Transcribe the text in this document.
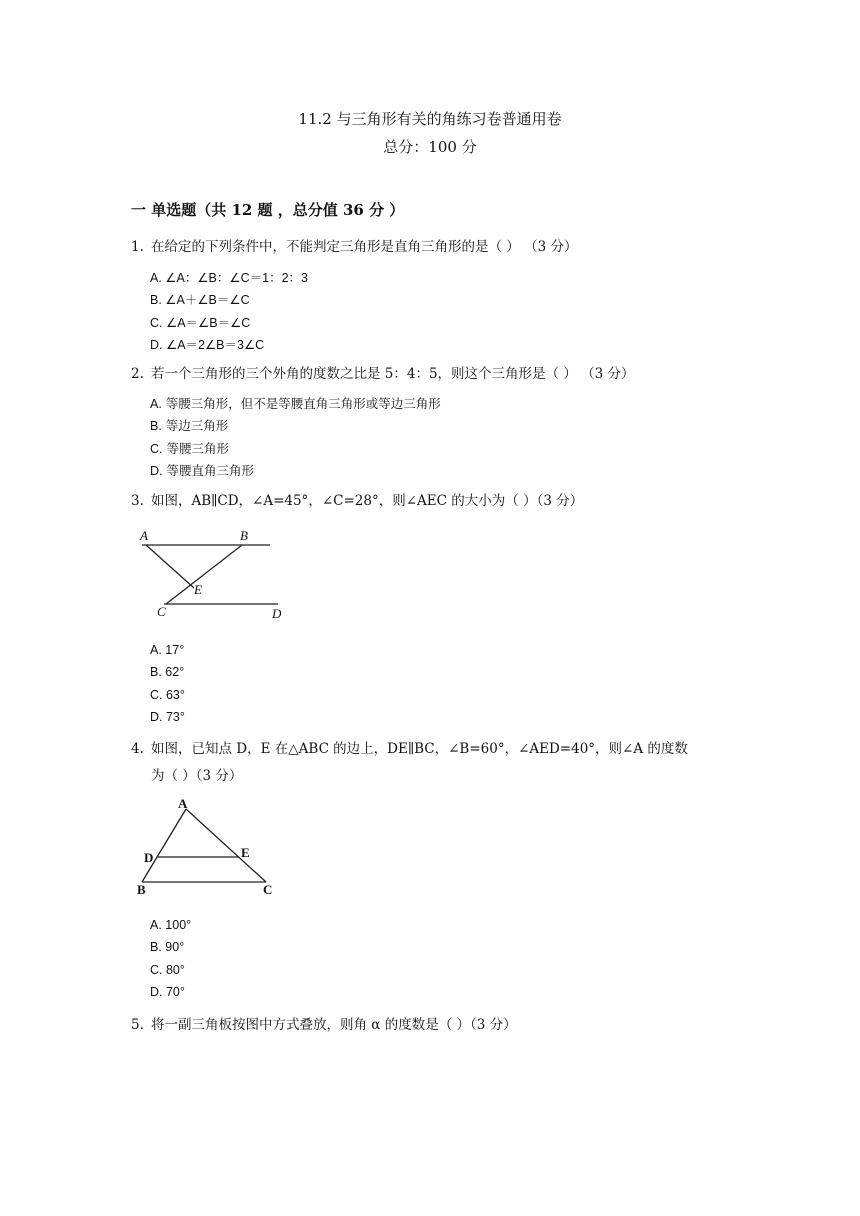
11.2 与三角形有关的角练习卷普通用卷
总分：100 分
一 单选题（共 12 题 ，总分值 36 分 ）
1. 在给定的下列条件中，不能判定三角形是直角三角形的是（ ） （3 分）
A. ∠A：∠B：∠C＝1：2：3
B. ∠A＋∠B＝∠C
C. ∠A＝∠B＝∠C
D. ∠A＝2∠B＝3∠C
2. 若一个三角形的三个外角的度数之比是 5：4：5，则这个三角形是（ ） （3 分）
A. 等腰三角形，但不是等腰直角三角形或等边三角形
B. 等边三角形
C. 等腰三角形
D. 等腰直角三角形
3. 如图，AB∥CD，∠A=45°，∠C=28°，则∠AEC 的大小为（ ）（3 分）
A	B
E
C	D
A. 17°
B. 62°
C. 63°
D. 73°
4. 如图，已知点 D，E 在△ABC 的边上，DE∥BC，∠B=60°，∠AED=40°，则∠A 的度数
为（ ）（3 分）
A
D	E
B	C
A. 100°
B. 90°
C. 80°
D. 70°
5. 将一副三角板按图中方式叠放，则角 α 的度数是（ ）（3 分）
